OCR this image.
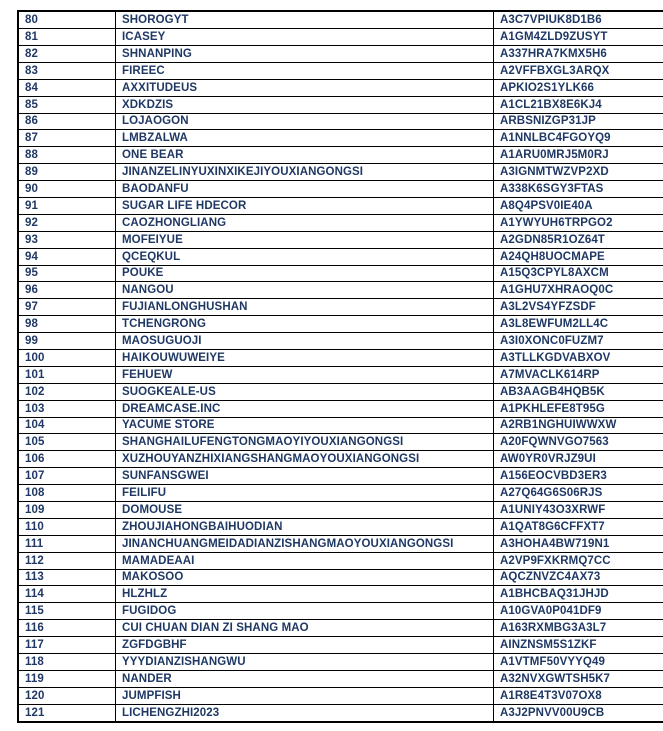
80	SHOROGYT	A3C7VPIUK8D1B6
81	ICASEY	A1GM4ZLD9ZUSYT
82	SHNANPING	A337HRA7KMX5H6
83	FIREEC	A2VFFBXGL3ARQX
84	AXXITUDEUS	APKIO2S1YLK66
85	XDKDZIS	A1CL21BX8E6KJ4
86	LOJAOGON	ARBSNIZGP31JP
87	LMBZALWA	A1NNLBC4FGOYQ9
88	ONE BEAR	A1ARU0MRJ5M0RJ
89	JINANZELINYUXINXIKEJIYOUXIANGONGSI	A3IGNMTWZVP2XD
90	BAODANFU	A338K6SGY3FTAS
91	SUGAR LIFE HDECOR	A8Q4PSV0IE40A
92	CAOZHONGLIANG	A1YWYUH6TRPGO2
93	MOFEIYUE	A2GDN85R1OZ64T
94	QCEQKUL	A24QH8UOCMAPE
95	POUKE	A15Q3CPYL8AXCM
96	NANGOU	A1GHU7XHRAOQ0C
97	FUJIANLONGHUSHAN	A3L2VS4YFZSDF
98	TCHENGRONG	A3L8EWFUM2LL4C
99	MAOSUGUOJI	A3I0XONC0FUZM7
100	HAIKOUWUWEIYE	A3TLLKGDVABXOV
101	FEHUEW	A7MVACLK614RP
102	SUOGKEALE-US	AB3AAGB4HQB5K
103	DREAMCASE.INC	A1PKHLEFE8T95G
104	YACUME STORE	A2RB1NGHUIWWXW
105	SHANGHAILUFENGTONGMAOYIYOUXIANGONGSI	A20FQWNVGO7563
106	XUZHOUYANZHIXIANGSHANGMAOYOUXIANGONGSI	AW0YR0VRJZ9UI
107	SUNFANSGWEI	A156EOCVBD3ER3
108	FEILIFU	A27Q64G6S06RJS
109	DOMOUSE	A1UNIY43O3XRWF
110	ZHOUJIAHONGBAIHUODIAN	A1QAT8G6CFFXT7
111	JINANCHUANGMEIDADIANZISHANGMAOYOUXIANGONGSI	A3HOHA4BW719N1
112	MAMADEAAI	A2VP9FXKRMQ7CC
113	MAKOSOO	AQCZNVZC4AX73
114	HLZHLZ	A1BHCBAQ31JHJD
115	FUGIDOG	A10GVA0P041DF9
116	CUI CHUAN DIAN ZI SHANG MAO	A163RXMBG3A3L7
117	ZGFDGBHF	AINZNSM5S1ZKF
118	YYYDIANZISHANGWU	A1VTMF50VYYQ49
119	NANDER	A32NVXGWTSH5K7
120	JUMPFISH	A1R8E4T3V07OX8
121	LICHENGZHI2023	A3J2PNVV00U9CB
